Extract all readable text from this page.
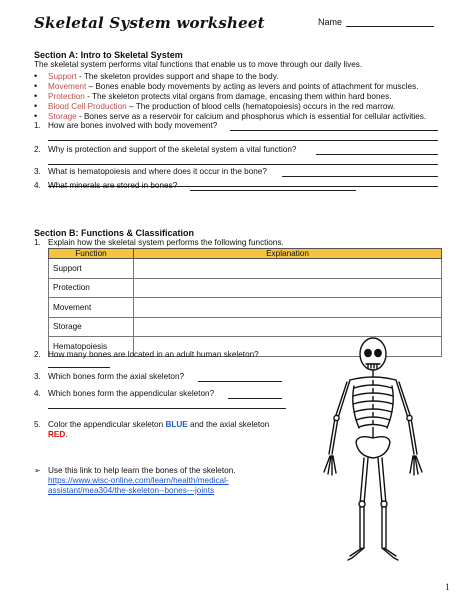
Skeletal System worksheet	Name
Section A: Intro to Skeletal System
The skeletal system performs vital functions that enable us to move through our daily lives.
• Support - The skeleton provides support and shape to the body.
• Movement – Bones enable body movements by acting as levers and points of attachment for muscles.
• Protection - The skeleton protects vital organs from damage, encasing them within hard bones.
• Blood Cell Production – The production of blood cells (hematopoiesis) occurs in the red marrow.
• Storage - Bones serve as a reservoir for calcium and phosphorus which is essential for cellular activities.
1. How are bones involved with body movement?
2. Why is protection and support of the skeletal system a vital function?
3. What is hematopoiesis and where does it occur in the bone?
4. What minerals are stored in bones?
Section B: Functions & Classification
1. Explain how the skeletal system performs the following functions.
Function	Explanation
Support	
Protection	
Movement	
Storage	
Hematopoiesis	
2. How many bones are located in an adult human skeleton?
3. Which bones form the axial skeleton?
4. Which bones form the appendicular skeleton?
5. Color the appendicular skeleton BLUE and the axial skeleton
RED.
➢ Use this link to help learn the bones of the skeleton.
https://www.wisc-online.com/learn/health/medical-
assistant/mea304/the-skeleton--bones---joints
1
